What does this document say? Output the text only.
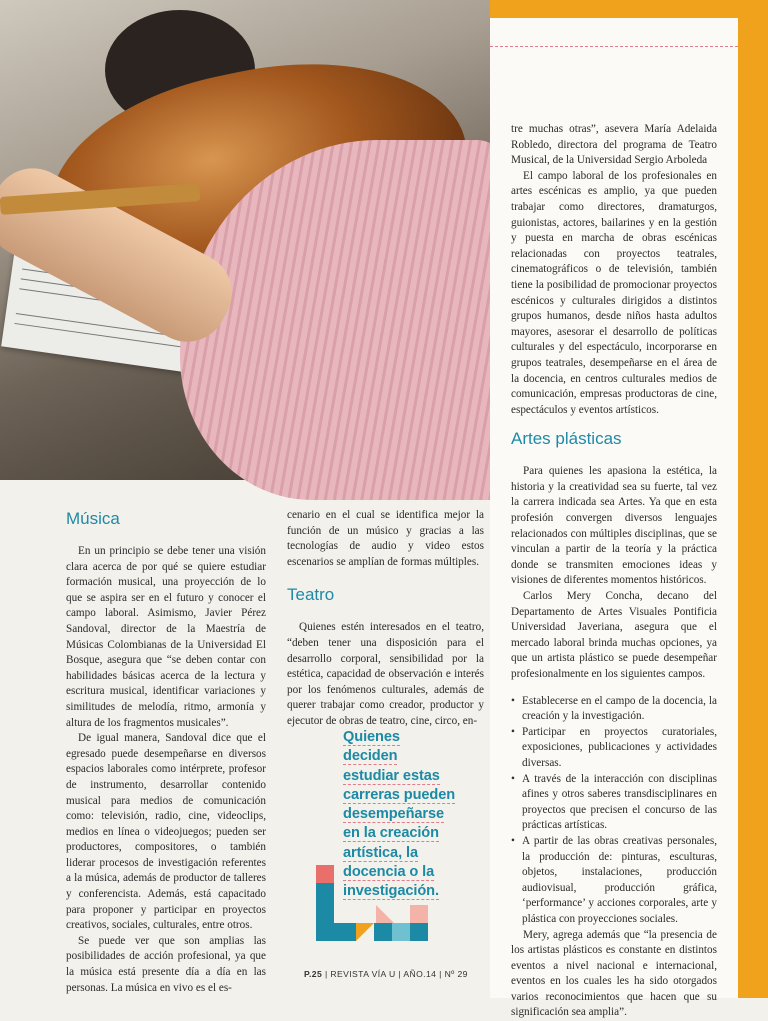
Música

En un principio se debe tener una visión clara acerca de por qué se quiere estudiar formación musical, una proyección de lo que se aspira ser en el futuro y conocer el campo laboral. Asimismo, Javier Pérez Sandoval, director de la Maestría de Músicas Colombianas de la Universidad El Bosque, asegura que “se deben contar con habilidades básicas acerca de la lectura y escritura musical, identificar variaciones y similitudes de melodía, ritmo, armonía y altura de los fragmentos musicales”.

De igual manera, Sandoval dice que el egresado puede desempeñarse en diversos espacios laborales como intérprete, profesor de instrumento, desarrollar contenido musical para medios de comunicación como: televisión, radio, cine, videoclips, medios en línea o videojuegos; pueden ser productores, compositores, o también liderar procesos de investigación referentes a la música, además de productor de talleres y conferencista. Además, está capacitado para proponer y participar en proyectos creativos, sociales, culturales, entre otros.

Se puede ver que son amplias las posibilidades de acción profesional, ya que la música está presente día a día en las personas. La música en vivo es el es-

cenario en el cual se identifica mejor la función de un músico y gracias a las tecnologías de audio y video estos escenarios se amplían de formas múltiples.

Teatro

Quienes estén interesados en el teatro, “deben tener una disposición para el desarrollo corporal, sensibilidad por la estética, capacidad de observación e interés por los fenómenos culturales, además de querer trabajar como creador, productor y ejecutor de obras de teatro, cine, circo, en-

Quienes
deciden
estudiar estas
carreras pueden
desempeñarse
en la creación
artística, la
docencia o la
investigación.

tre muchas otras”, asevera María Adelaida Robledo, directora del programa de Teatro Musical, de la Universidad Sergio Arboleda

El campo laboral de los profesionales en artes escénicas es amplio, ya que pueden trabajar como directores, dramaturgos, guionistas, actores, bailarines y en la gestión y puesta en marcha de obras escénicas relacionadas con proyectos teatrales, cinematográficos o de televisión, también tiene la posibilidad de promocionar proyectos escénicos y culturales dirigidos a distintos grupos humanos, desde niños hasta adultos mayores, asesorar el desarrollo de políticas culturales y del espectáculo, incorporarse en grupos teatrales, desempeñarse en el área de la docencia, en centros culturales medios de comunicación, empresas productoras de cine, espectáculos y eventos artísticos.

Artes plásticas

Para quienes les apasiona la estética, la historia y la creatividad sea su fuerte, tal vez la carrera indicada sea Artes. Ya que en esta profesión convergen diversos lenguajes relacionados con múltiples disciplinas, que se vinculan a partir de la teoría y la práctica donde se transmiten emociones ideas y visiones de diferentes momentos históricos.

Carlos Mery Concha, decano del Departamento de Artes Visuales Pontificia Universidad Javeriana, asegura que el mercado laboral brinda muchas opciones, ya que un artista plástico se puede desempeñar profesionalmente en los siguientes campos.

• Establecerse en el campo de la docencia, la creación y la investigación.
• Participar en proyectos curatoriales, exposiciones, publicaciones y actividades diversas.
• A través de la interacción con disciplinas afines y otros saberes transdisciplinares en proyectos que precisen el concurso de las prácticas artísticas.
• A partir de las obras creativas personales, la producción de: pinturas, esculturas, objetos, instalaciones, producción audiovisual, producción gráfica, ‘performance’ y acciones corporales, arte y plástica con proyecciones sociales.

Mery, agrega además que “la presencia de los artistas plásticos es constante en distintos eventos a nivel nacional e internacional, eventos en los cuales les ha sido otorgados varios reconocimientos que hacen que su significación sea amplia”.

P.25 | REVISTA VÍA U | AÑO.14 | Nº 29
